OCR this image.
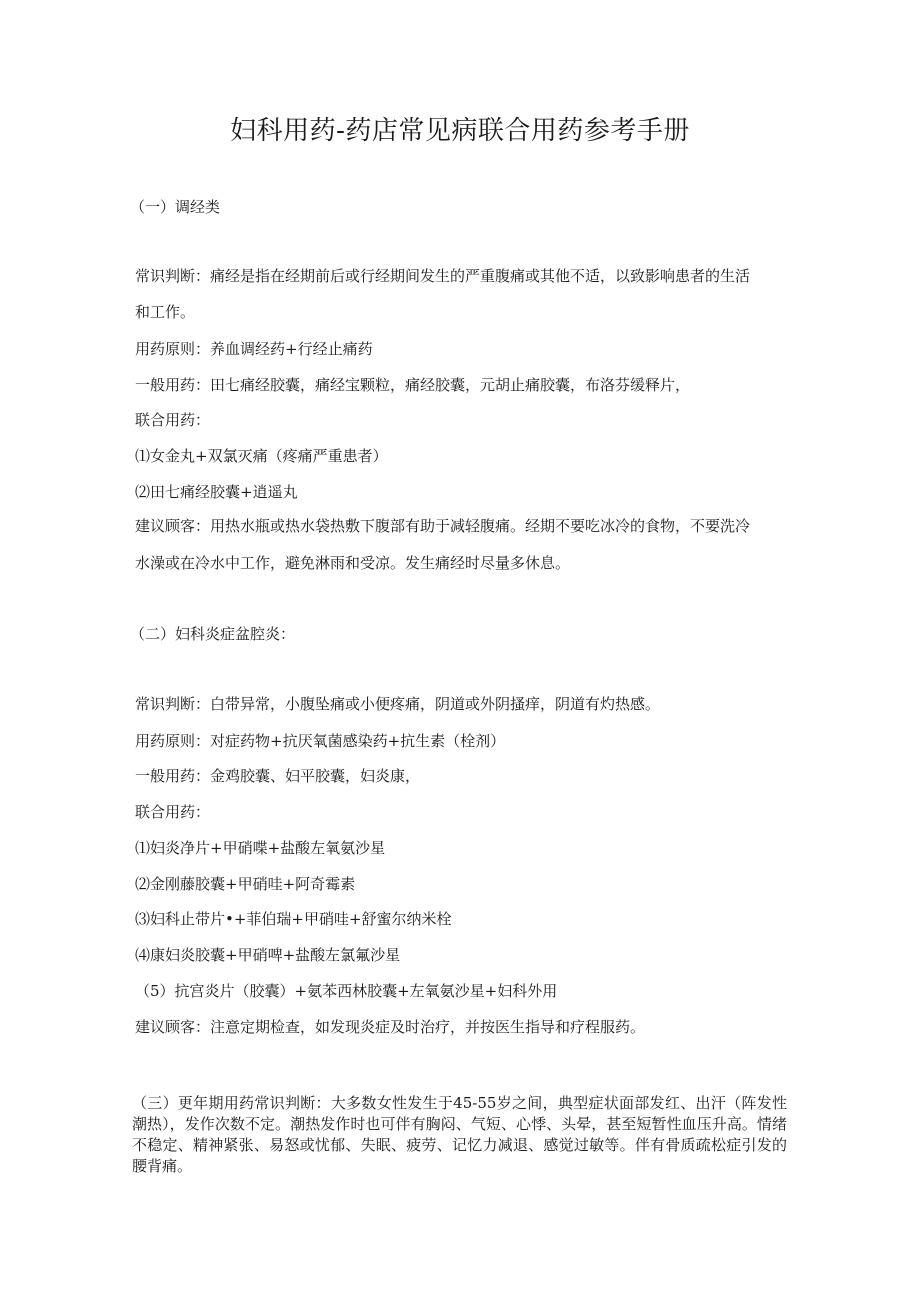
妇科用药-药店常见病联合用药参考手册
（一）调经类
常识判断：痛经是指在经期前后或行经期间发生的严重腹痛或其他不适，以致影响患者的生活
和工作。
用药原则：养血调经药+行经止痛药
一般用药：田七痛经胶囊，痛经宝颗粒，痛经胶囊，元胡止痛胶囊，布洛芬缓释片，
联合用药：
⑴女金丸+双氯灭痛（疼痛严重患者）
⑵田七痛经胶囊+逍遥丸
建议顾客：用热水瓶或热水袋热敷下腹部有助于减轻腹痛。经期不要吃冰冷的食物，不要洗冷
水澡或在冷水中工作，避免淋雨和受凉。发生痛经时尽量多休息。
（二）妇科炎症盆腔炎：
常识判断：白带异常，小腹坠痛或小便疼痛，阴道或外阴搔痒，阴道有灼热感。
用药原则：对症药物+抗厌氧菌感染药+抗生素（栓剂）
一般用药：金鸡胶囊、妇平胶囊，妇炎康，
联合用药：
⑴妇炎净片+甲硝喋+盐酸左氧氨沙星
⑵金刚藤胶囊+甲硝哇+阿奇霉素
⑶妇科止带片•+菲伯瑞+甲硝哇+舒蜜尔纳米栓
⑷康妇炎胶囊+甲硝啤+盐酸左氯氟沙星
（5）抗宫炎片（胶囊）+氨苯西林胶囊+左氧氨沙星+妇科外用
建议顾客：注意定期检查，如发现炎症及时治疗，并按医生指导和疗程服药。
（三）更年期用药常识判断：大多数女性发生于45-55岁之间，典型症状面部发红、出汗（阵发性潮热），发作次数不定。潮热发作时也可伴有胸闷、气短、心悸、头晕，甚至短暂性血压升高。情绪不稳定、精神紧张、易怒或忧郁、失眠、疲劳、记忆力减退、感觉过敏等。伴有骨质疏松症引发的腰背痛。
